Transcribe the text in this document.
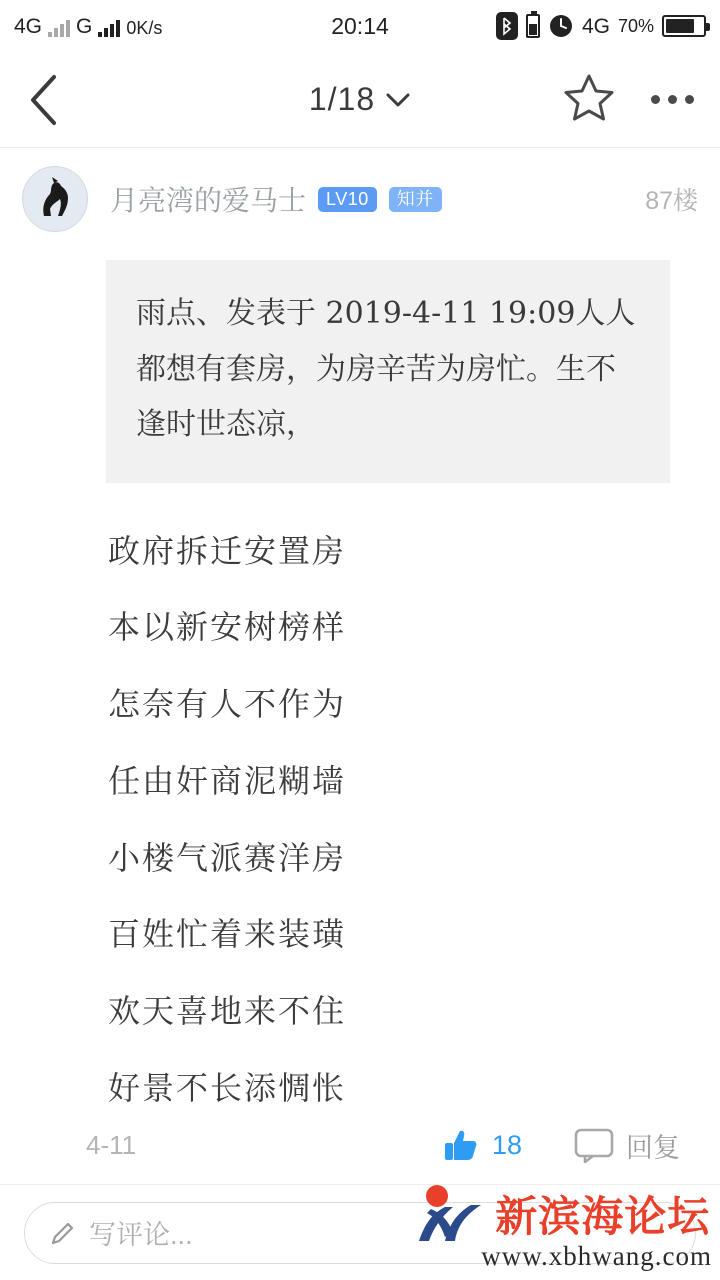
4G G 0K/s	20:14	4G 70%
1/18
月亮湾的爱马士	LV10	知并	87楼
雨点、发表于 2019-4-11 19:09人人都想有套房，为房辛苦为房忙。生不逢时世态凉，
政府拆迁安置房
本以新安树榜样
怎奈有人不作为
任由奸商泥糊墙
小楼气派赛洋房
百姓忙着来装璜
欢天喜地来不住
好景不长添惆怅
4-11	18	回复
写评论...	新滨海论坛
www.xbhwang.com
